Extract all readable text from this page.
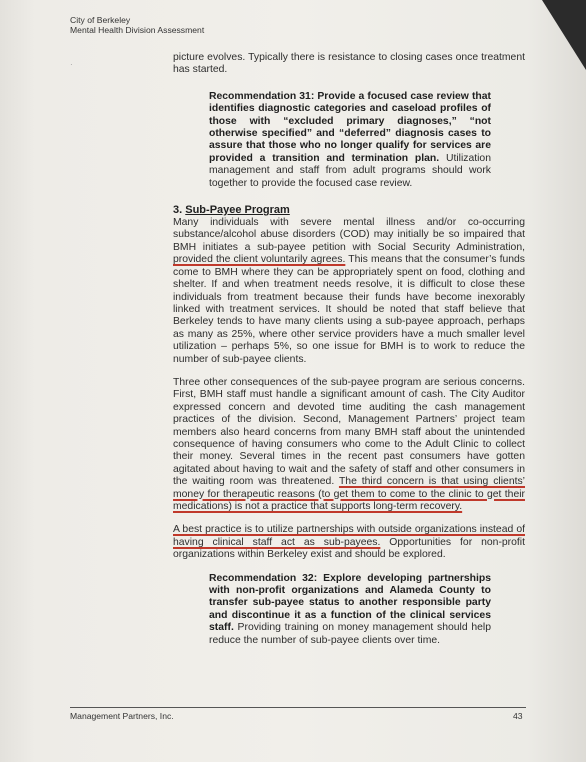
City of Berkeley
Mental Health Division Assessment
·

picture evolves. Typically there is resistance to closing cases once treatment has started.

Recommendation 31: Provide a focused case review that identifies diagnostic categories and caseload profiles of those with “excluded primary diagnoses,” “not otherwise specified” and “deferred” diagnosis cases to assure that those who no longer qualify for services are provided a transition and termination plan. Utilization management and staff from adult programs should work together to provide the focused case review.

3. Sub-Payee Program

Many individuals with severe mental illness and/or co-occurring substance/alcohol abuse disorders (COD) may initially be so impaired that BMH initiates a sub-payee petition with Social Security Administration, provided the client voluntarily agrees. This means that the consumer’s funds come to BMH where they can be appropriately spent on food, clothing and shelter. If and when treatment needs resolve, it is difficult to close these individuals from treatment because their funds have become inexorably linked with treatment services. It should be noted that staff believe that Berkeley tends to have many clients using a sub-payee approach, perhaps as many as 25%, where other service providers have a much smaller level utilization – perhaps 5%, so one issue for BMH is to work to reduce the number of sub-payee clients.

Three other consequences of the sub-payee program are serious concerns. First, BMH staff must handle a significant amount of cash. The City Auditor expressed concern and devoted time auditing the cash management practices of the division. Second, Management Partners’ project team members also heard concerns from many BMH staff about the unintended consequence of having consumers who come to the Adult Clinic to collect their money. Several times in the recent past consumers have gotten agitated about having to wait and the safety of staff and other consumers in the waiting room was threatened. The third concern is that using clients’ money for therapeutic reasons (to get them to come to the clinic to get their medications) is not a practice that supports long-term recovery.

A best practice is to utilize partnerships with outside organizations instead of having clinical staff act as sub-payees. Opportunities for non-profit organizations within Berkeley exist and should be explored.

Recommendation 32: Explore developing partnerships with non-profit organizations and Alameda County to transfer sub-payee status to another responsible party and discontinue it as a function of the clinical services staff. Providing training on money management should help reduce the number of sub-payee clients over time.

Management Partners, Inc.	43
